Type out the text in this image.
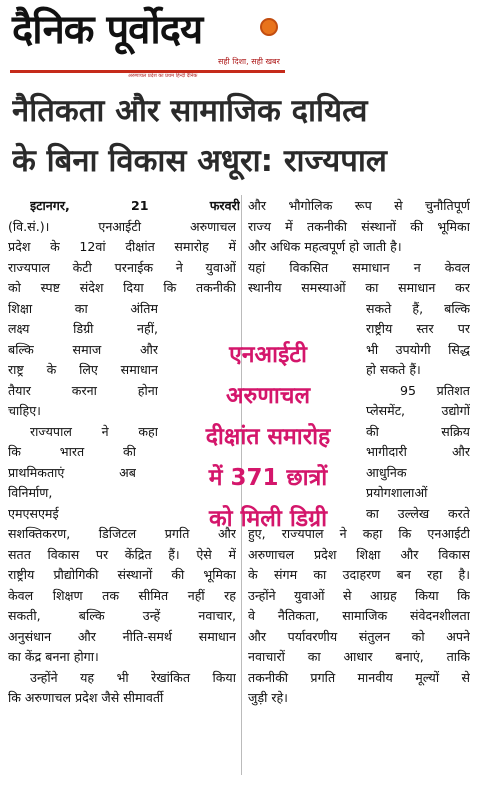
दैनिक पूर्वोदय
सही दिशा, सही खबर
अरुणाचल प्रदेश का प्रथम हिन्दी दैनिक
नैतिकता और सामाजिक दायित्व
के बिना विकास अधूरा: राज्यपाल
इटानगर, 21 फरवरी
(वि.सं.)। एनआईटी अरुणाचल
प्रदेश के 12वां दीक्षांत समारोह में
राज्यपाल केटी परनाईक ने युवाओं
को स्पष्ट संदेश दिया कि तकनीकी
शिक्षा का अंतिम
लक्ष्य डिग्री नहीं,
बल्कि समाज और
राष्ट्र के लिए समाधान
तैयार करना होना
चाहिए।
राज्यपाल ने कहा
कि भारत की
प्राथमिकताएं अब
विनिर्माण,
एमएसएमई
सशक्तिकरण, डिजिटल प्रगति और
सतत विकास पर केंद्रित हैं। ऐसे में
राष्ट्रीय प्रौद्योगिकी संस्थानों की भूमिका
केवल शिक्षण तक सीमित नहीं रह
सकती, बल्कि उन्हें नवाचार,
अनुसंधान और नीति-समर्थ समाधान
का केंद्र बनना होगा।
उन्होंने यह भी रेखांकित किया
कि अरुणाचल प्रदेश जैसे सीमावर्ती
और भौगोलिक रूप से चुनौतिपूर्ण
राज्य में तकनीकी संस्थानों की भूमिका
और अधिक महत्वपूर्ण हो जाती है।
यहां विकसित समाधान न केवल
स्थानीय समस्याओं का समाधान कर
सकते हैं, बल्कि
राष्ट्रीय स्तर पर
भी उपयोगी सिद्ध
हो सकते हैं।
95 प्रतिशत
प्लेसमेंट, उद्योगों
की सक्रिय
भागीदारी और
आधुनिक
प्रयोगशालाओं
का उल्लेख करते
हुए, राज्यपाल ने कहा कि एनआईटी
अरुणाचल प्रदेश शिक्षा और विकास
के संगम का उदाहरण बन रहा है।
उन्होंने युवाओं से आग्रह किया कि
वे नैतिकता, सामाजिक संवेदनशीलता
और पर्यावरणीय संतुलन को अपने
नवाचारों का आधार बनाएं, ताकि
तकनीकी प्रगति मानवीय मूल्यों से
जुड़ी रहे।
एनआईटी
अरुणाचल
दीक्षांत समारोह
में 371 छात्रों
को मिली डिग्री
